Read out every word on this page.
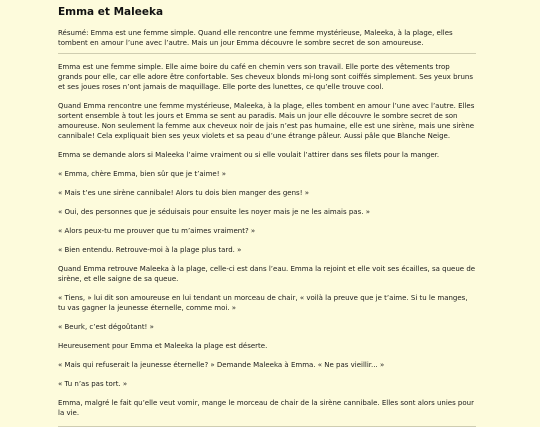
Emma et Maleeka

Résumé: Emma est une femme simple. Quand elle rencontre une femme mystérieuse, Maleeka, à la plage, elles tombent en amour l’une avec l’autre. Mais un jour Emma découvre le sombre secret de son amoureuse.

Emma est une femme simple. Elle aime boire du café en chemin vers son travail. Elle porte des vêtements trop grands pour elle, car elle adore être confortable. Ses cheveux blonds mi-long sont coiffés simplement. Ses yeux bruns et ses joues roses n’ont jamais de maquillage. Elle porte des lunettes, ce qu’elle trouve cool.

Quand Emma rencontre une femme mystérieuse, Maleeka, à la plage, elles tombent en amour l’une avec l’autre. Elles sortent ensemble à tout les jours et Emma se sent au paradis. Mais un jour elle découvre le sombre secret de son amoureuse. Non seulement la femme aux cheveux noir de jais n’est pas humaine, elle est une sirène, mais une sirène cannibale! Cela expliquait bien ses yeux violets et sa peau d’une étrange pâleur. Aussi pâle que Blanche Neige.

Emma se demande alors si Maleeka l’aime vraiment ou si elle voulait l’attirer dans ses filets pour la manger.

« Emma, chère Emma, bien sûr que je t’aime! »

« Mais t’es une sirène cannibale! Alors tu dois bien manger des gens! »

« Oui, des personnes que je séduisais pour ensuite les noyer mais je ne les aimais pas. »

« Alors peux-tu me prouver que tu m’aimes vraiment? »

« Bien entendu. Retrouve-moi à la plage plus tard. »

Quand Emma retrouve Maleeka à la plage, celle-ci est dans l’eau. Emma la rejoint et elle voit ses écailles, sa queue de sirène, et elle saigne de sa queue.

« Tiens, » lui dit son amoureuse en lui tendant un morceau de chair, « voilà la preuve que je t’aime. Si tu le manges, tu vas gagner la jeunesse éternelle, comme moi. »

« Beurk, c’est dégoûtant! »

Heureusement pour Emma et Maleeka la plage est déserte.

« Mais qui refuserait la jeunesse éternelle? » Demande Maleeka à Emma. « Ne pas vieillir... »

« Tu n’as pas tort. »

Emma, malgré le fait qu’elle veut vomir, mange le morceau de chair de la sirène cannibale. Elles sont alors unies pour la vie.
